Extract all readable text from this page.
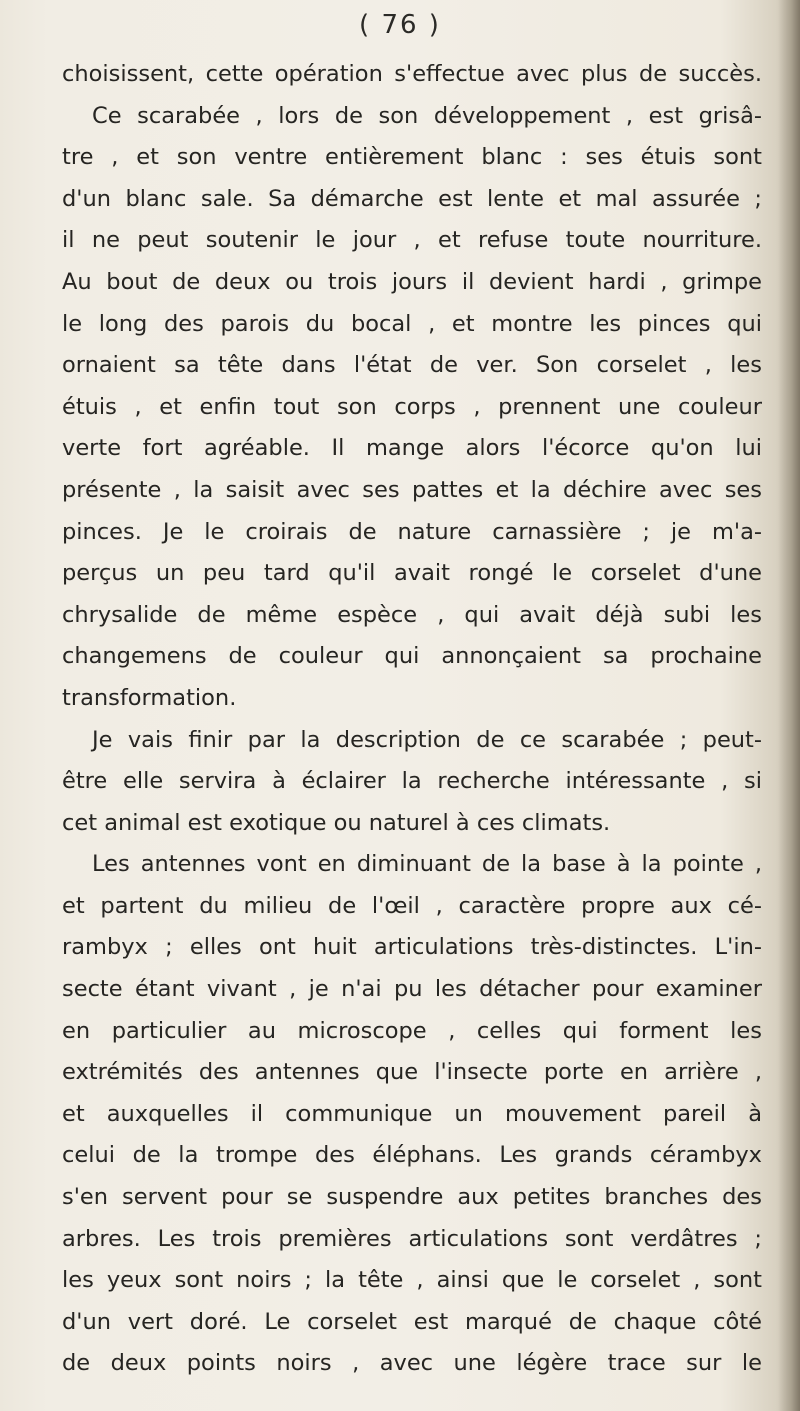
( 76 )
choisissent, cette opération s'effectue avec plus de succès.
Ce scarabée , lors de son développement , est grisâ-
tre , et son ventre entièrement blanc : ses étuis sont
d'un blanc sale. Sa démarche est lente et mal assurée ;
il ne peut soutenir le jour , et refuse toute nourriture.
Au bout de deux ou trois jours il devient hardi , grimpe
le long des parois du bocal , et montre les pinces qui
ornaient sa tête dans l'état de ver. Son corselet , les
étuis , et enfin tout son corps , prennent une couleur
verte fort agréable. Il mange alors l'écorce qu'on lui
présente , la saisit avec ses pattes et la déchire avec ses
pinces. Je le croirais de nature carnassière ; je m'a-
perçus un peu tard qu'il avait rongé le corselet d'une
chrysalide de même espèce , qui avait déjà subi les
changemens de couleur qui annonçaient sa prochaine
transformation.
Je vais finir par la description de ce scarabée ; peut-
être elle servira à éclairer la recherche intéressante , si
cet animal est exotique ou naturel à ces climats.
Les antennes vont en diminuant de la base à la pointe ,
et partent du milieu de l'œil , caractère propre aux cé-
rambyx ; elles ont huit articulations très-distinctes. L'in-
secte étant vivant , je n'ai pu les détacher pour examiner
en particulier au microscope , celles qui forment les
extrémités des antennes que l'insecte porte en arrière ,
et auxquelles il communique un mouvement pareil à
celui de la trompe des éléphans. Les grands cérambyx
s'en servent pour se suspendre aux petites branches des
arbres. Les trois premières articulations sont verdâtres ;
les yeux sont noirs ; la tête , ainsi que le corselet , sont
d'un vert doré. Le corselet est marqué de chaque côté
de deux points noirs , avec une légère trace sur le
